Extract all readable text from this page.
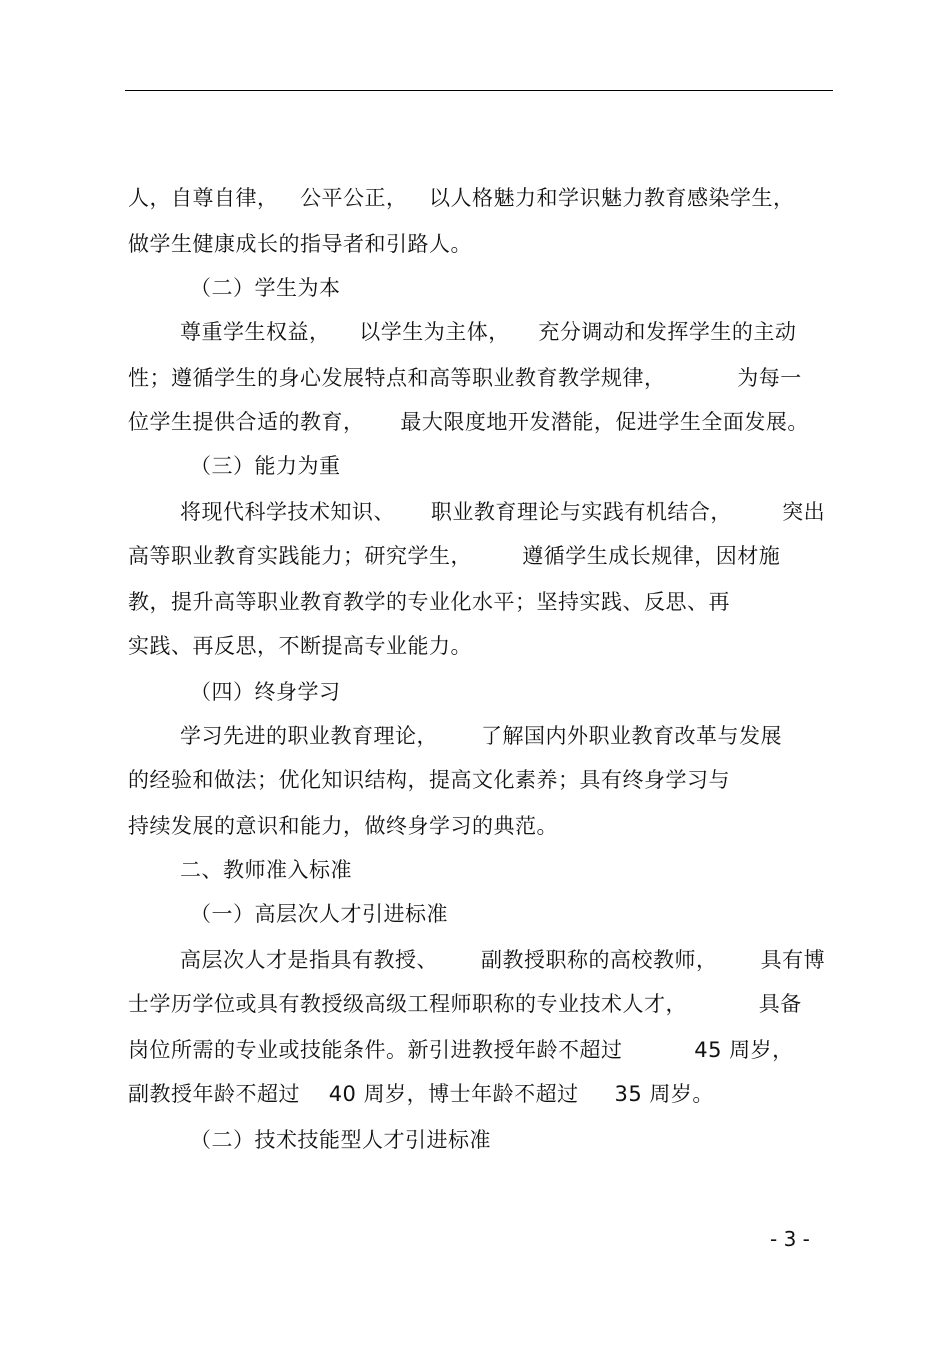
人，自尊自律，   公平公正，   以人格魅力和学识魅力教育感染学生，
做学生健康成长的指导者和引路人。
（二）学生为本
尊重学生权益，    以学生为主体，    充分调动和发挥学生的主动
性；遵循学生的身心发展特点和高等职业教育教学规律，          为每一
位学生提供合适的教育，     最大限度地开发潜能，促进学生全面发展。
（三）能力为重
将现代科学技术知识、     职业教育理论与实践有机结合，       突出
高等职业教育实践能力；研究学生，       遵循学生成长规律，因材施
教，提升高等职业教育教学的专业化水平；坚持实践、反思、再
实践、再反思，不断提高专业能力。
（四）终身学习
学习先进的职业教育理论，      了解国内外职业教育改革与发展
的经验和做法；优化知识结构，提高文化素养；具有终身学习与
持续发展的意识和能力，做终身学习的典范。
二、教师准入标准
（一）高层次人才引进标准
高层次人才是指具有教授、      副教授职称的高校教师，      具有博
士学历学位或具有教授级高级工程师职称的专业技术人才，          具备
岗位所需的专业或技能条件。新引进教授年龄不超过          45 周岁，
副教授年龄不超过    40 周岁，博士年龄不超过     35 周岁。
（二）技术技能型人才引进标准
- 3 -
